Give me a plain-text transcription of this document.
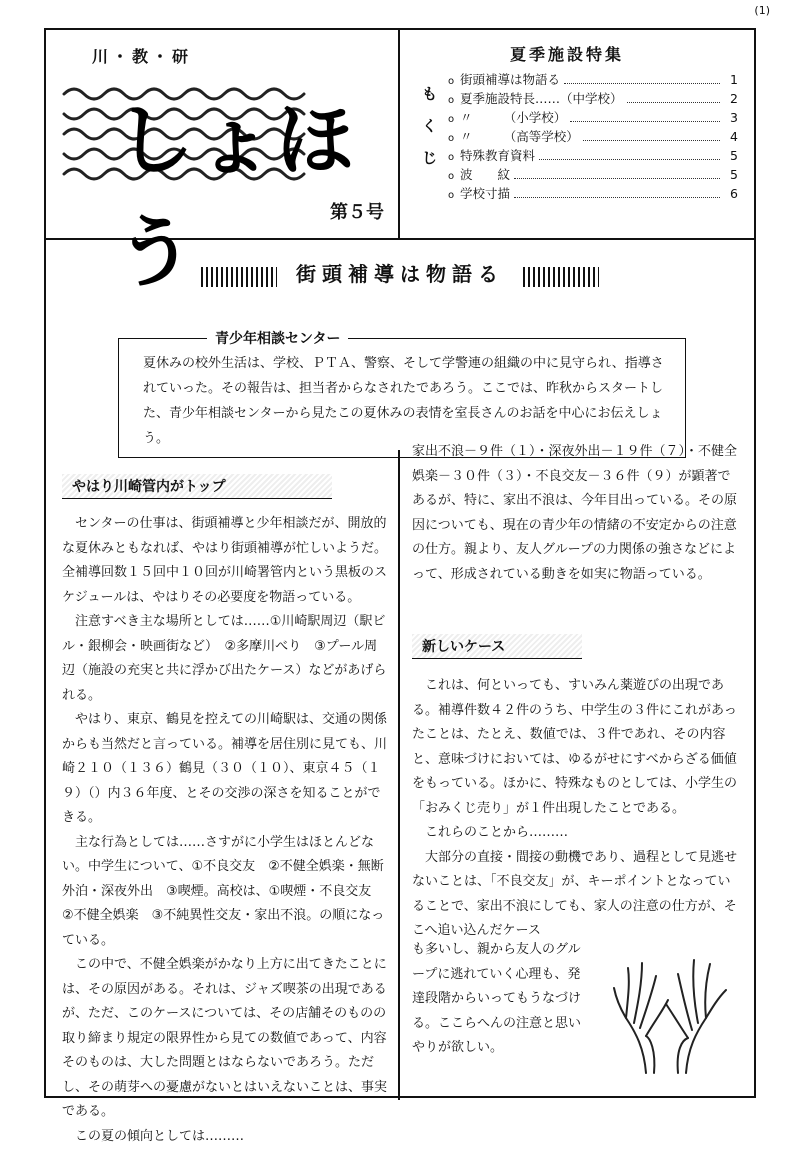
(1)
川・教・研
しょほう	第５号
夏季施設特集
もくじ
o 街頭補導は物語る	1
o 夏季施設特長……（中学校）	2
o 〃　　　（小学校）	3
o 〃　　　（高等学校）	4
o 特殊教育資料	5
o 波　　紋	5
o 学校寸描	6
街頭補導は物語る
青少年相談センター
夏休みの校外生活は、学校、ＰＴＡ、警察、そして学警連の組織の中に見守られ、指導されていった。その報告は、担当者からなされたであろう。ここでは、昨秋からスタートした、青少年相談センターから見たこの夏休みの表情を室長さんのお話を中心にお伝えしょう。
やはり川崎管内がトップ

センターの仕事は、街頭補導と少年相談だが、開放的な夏休みともなれば、やはり街頭補導が忙しいようだ。全補導回数１５回中１０回が川崎署管内という黒板のスケジュールは、やはりその必要度を物語っている。

注意すべき主な場所としては……①川崎駅周辺（駅ビル・銀柳会・映画街など）　②多摩川べり　③プール周辺（施設の充実と共に浮かび出たケース）などがあげられる。

やはり、東京、鶴見を控えての川崎駅は、交通の関係からも当然だと言っている。補導を居住別に見ても、川崎２１０（１３６）鶴見（３０（１０）、東京４５（１９）（）内３６年度、とその交渉の深さを知ることができる。

主な行為としては……さすがに小学生はほとんどない。中学生について、①不良交友　②不健全娯楽・無断外泊・深夜外出　③喫煙。高校は、①喫煙・不良交友　②不健全娯楽　③不純異性交友・家出不浪。の順になっている。

この中で、不健全娯楽がかなり上方に出てきたことには、その原因がある。それは、ジャズ喫茶の出現であるが、ただ、このケースについては、その店舗そのものの取り締まり規定の限界性から見ての数値であって、内容そのものは、大した問題とはならないであろう。ただし、その萌芽への憂慮がないとはいえないことは、事実である。

この夏の傾向としては………

家出不浪－９件（１）・深夜外出－１９件（７）・不健全娯楽－３０件（３）・不良交友－３６件（９）が顕著であるが、特に、家出不浪は、今年目出っている。その原因についても、現在の青少年の情緒の不安定からの注意の仕方。親より、友人グループの力関係の強さなどによって、形成されている動きを如実に物語っている。

新しいケース

これは、何といっても、すいみん薬遊びの出現である。補導件数４２件のうち、中学生の３件にこれがあったことは、たとえ、数値では、３件であれ、その内容と、意味づけにおいては、ゆるがせにすべからざる価値をもっている。ほかに、特殊なものとしては、小学生の「おみくじ売り」が１件出現したことである。

これらのことから………

大部分の直接・間接の動機であり、過程として見逃せないことは、「不良交友」が、キーポイントとなっていることで、家出不浪にしても、家人の注意の仕方が、そこへ追い込んだケース

も多いし、親から友人のグループに逃れていく心理も、発達段階からいってもうなづける。ここらへんの注意と思いやりが欲しい。
